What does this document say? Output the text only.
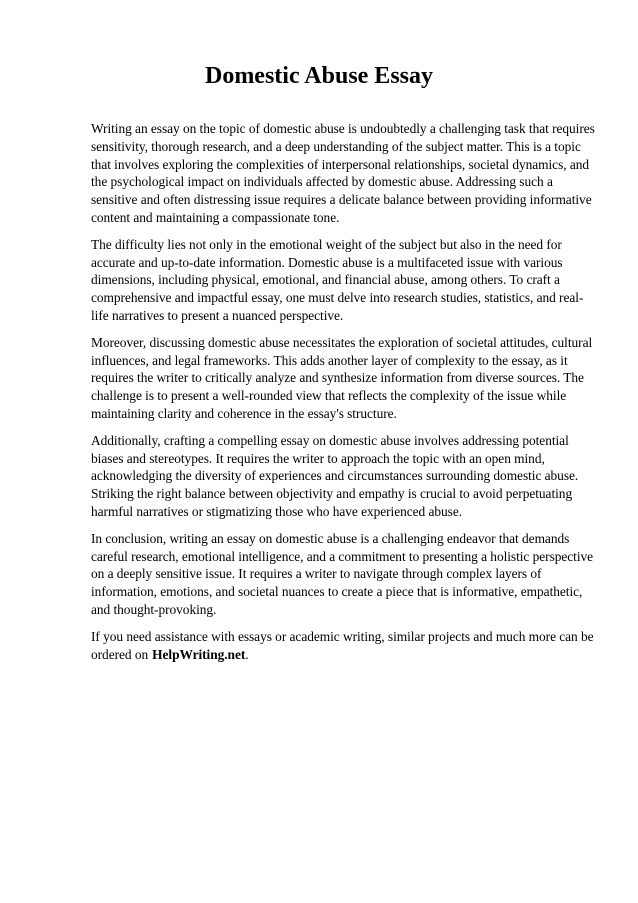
Domestic Abuse Essay

Writing an essay on the topic of domestic abuse is undoubtedly a challenging task that requires sensitivity, thorough research, and a deep understanding of the subject matter. This is a topic that involves exploring the complexities of interpersonal relationships, societal dynamics, and the psychological impact on individuals affected by domestic abuse. Addressing such a sensitive and often distressing issue requires a delicate balance between providing informative content and maintaining a compassionate tone.

The difficulty lies not only in the emotional weight of the subject but also in the need for accurate and up-to-date information. Domestic abuse is a multifaceted issue with various dimensions, including physical, emotional, and financial abuse, among others. To craft a comprehensive and impactful essay, one must delve into research studies, statistics, and real-life narratives to present a nuanced perspective.

Moreover, discussing domestic abuse necessitates the exploration of societal attitudes, cultural influences, and legal frameworks. This adds another layer of complexity to the essay, as it requires the writer to critically analyze and synthesize information from diverse sources. The challenge is to present a well-rounded view that reflects the complexity of the issue while maintaining clarity and coherence in the essay's structure.

Additionally, crafting a compelling essay on domestic abuse involves addressing potential biases and stereotypes. It requires the writer to approach the topic with an open mind, acknowledging the diversity of experiences and circumstances surrounding domestic abuse. Striking the right balance between objectivity and empathy is crucial to avoid perpetuating harmful narratives or stigmatizing those who have experienced abuse.

In conclusion, writing an essay on domestic abuse is a challenging endeavor that demands careful research, emotional intelligence, and a commitment to presenting a holistic perspective on a deeply sensitive issue. It requires a writer to navigate through complex layers of information, emotions, and societal nuances to create a piece that is informative, empathetic, and thought-provoking.

If you need assistance with essays or academic writing, similar projects and much more can be ordered on HelpWriting.net.
